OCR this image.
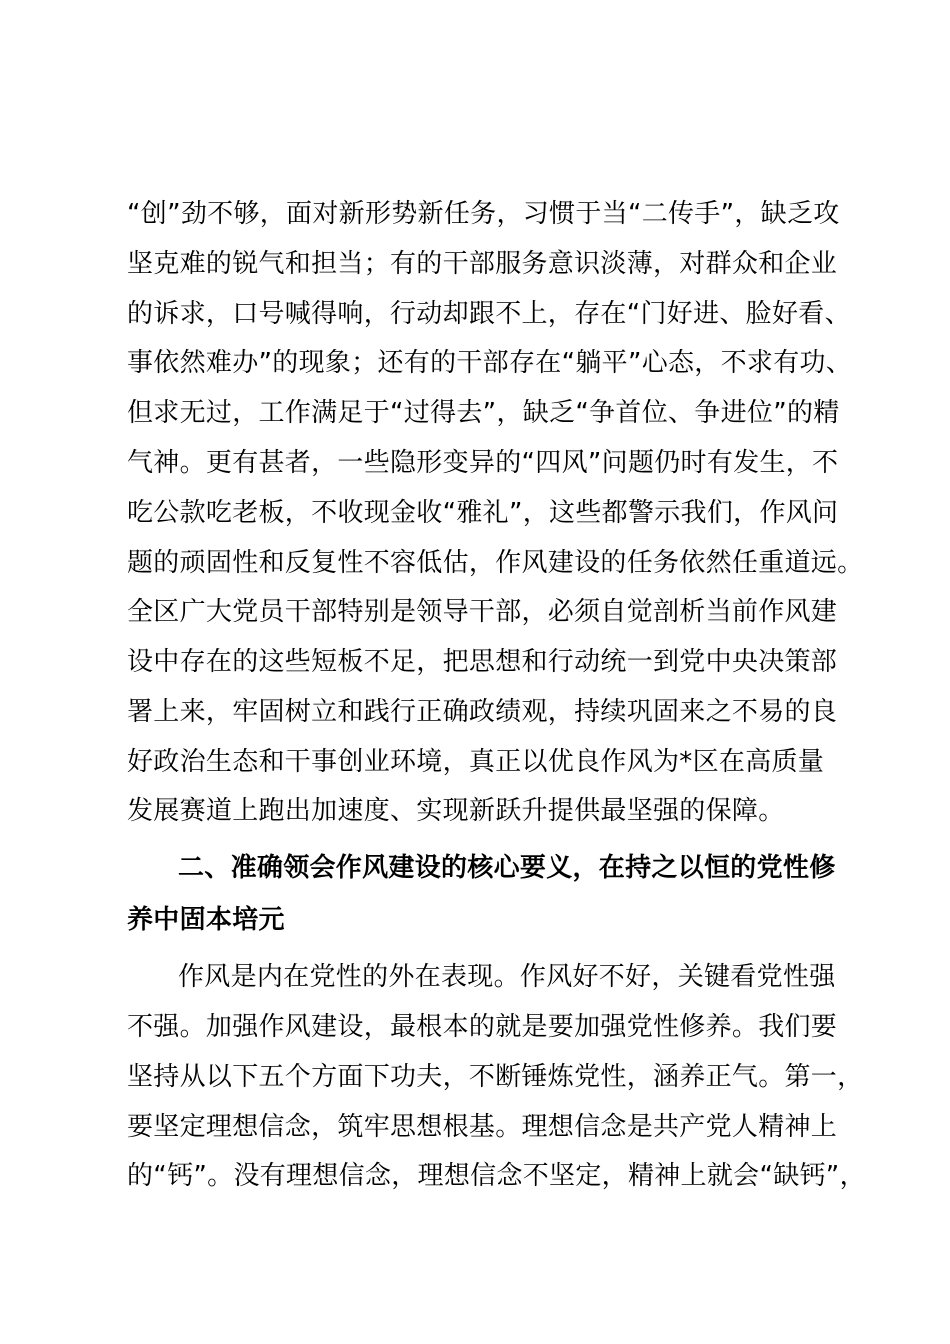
“创”劲不够，面对新形势新任务，习惯于当“二传手”，缺乏攻
坚克难的锐气和担当；有的干部服务意识淡薄，对群众和企业
的诉求，口号喊得响，行动却跟不上，存在“门好进、脸好看、
事依然难办”的现象；还有的干部存在“躺平”心态，不求有功、
但求无过，工作满足于“过得去”，缺乏“争首位、争进位”的精
气神。更有甚者，一些隐形变异的“四风”问题仍时有发生，不
吃公款吃老板，不收现金收“雅礼”，这些都警示我们，作风问
题的顽固性和反复性不容低估，作风建设的任务依然任重道远。
全区广大党员干部特别是领导干部，必须自觉剖析当前作风建
设中存在的这些短板不足，把思想和行动统一到党中央决策部
署上来，牢固树立和践行正确政绩观，持续巩固来之不易的良
好政治生态和干事创业环境，真正以优良作风为*区在高质量
发展赛道上跑出加速度、实现新跃升提供最坚强的保障。
二、准确领会作风建设的核心要义，在持之以恒的党性修
养中固本培元
作风是内在党性的外在表现。作风好不好，关键看党性强
不强。加强作风建设，最根本的就是要加强党性修养。我们要
坚持从以下五个方面下功夫，不断锤炼党性，涵养正气。第一，
要坚定理想信念，筑牢思想根基。理想信念是共产党人精神上
的“钙”。没有理想信念，理想信念不坚定，精神上就会“缺钙”，
